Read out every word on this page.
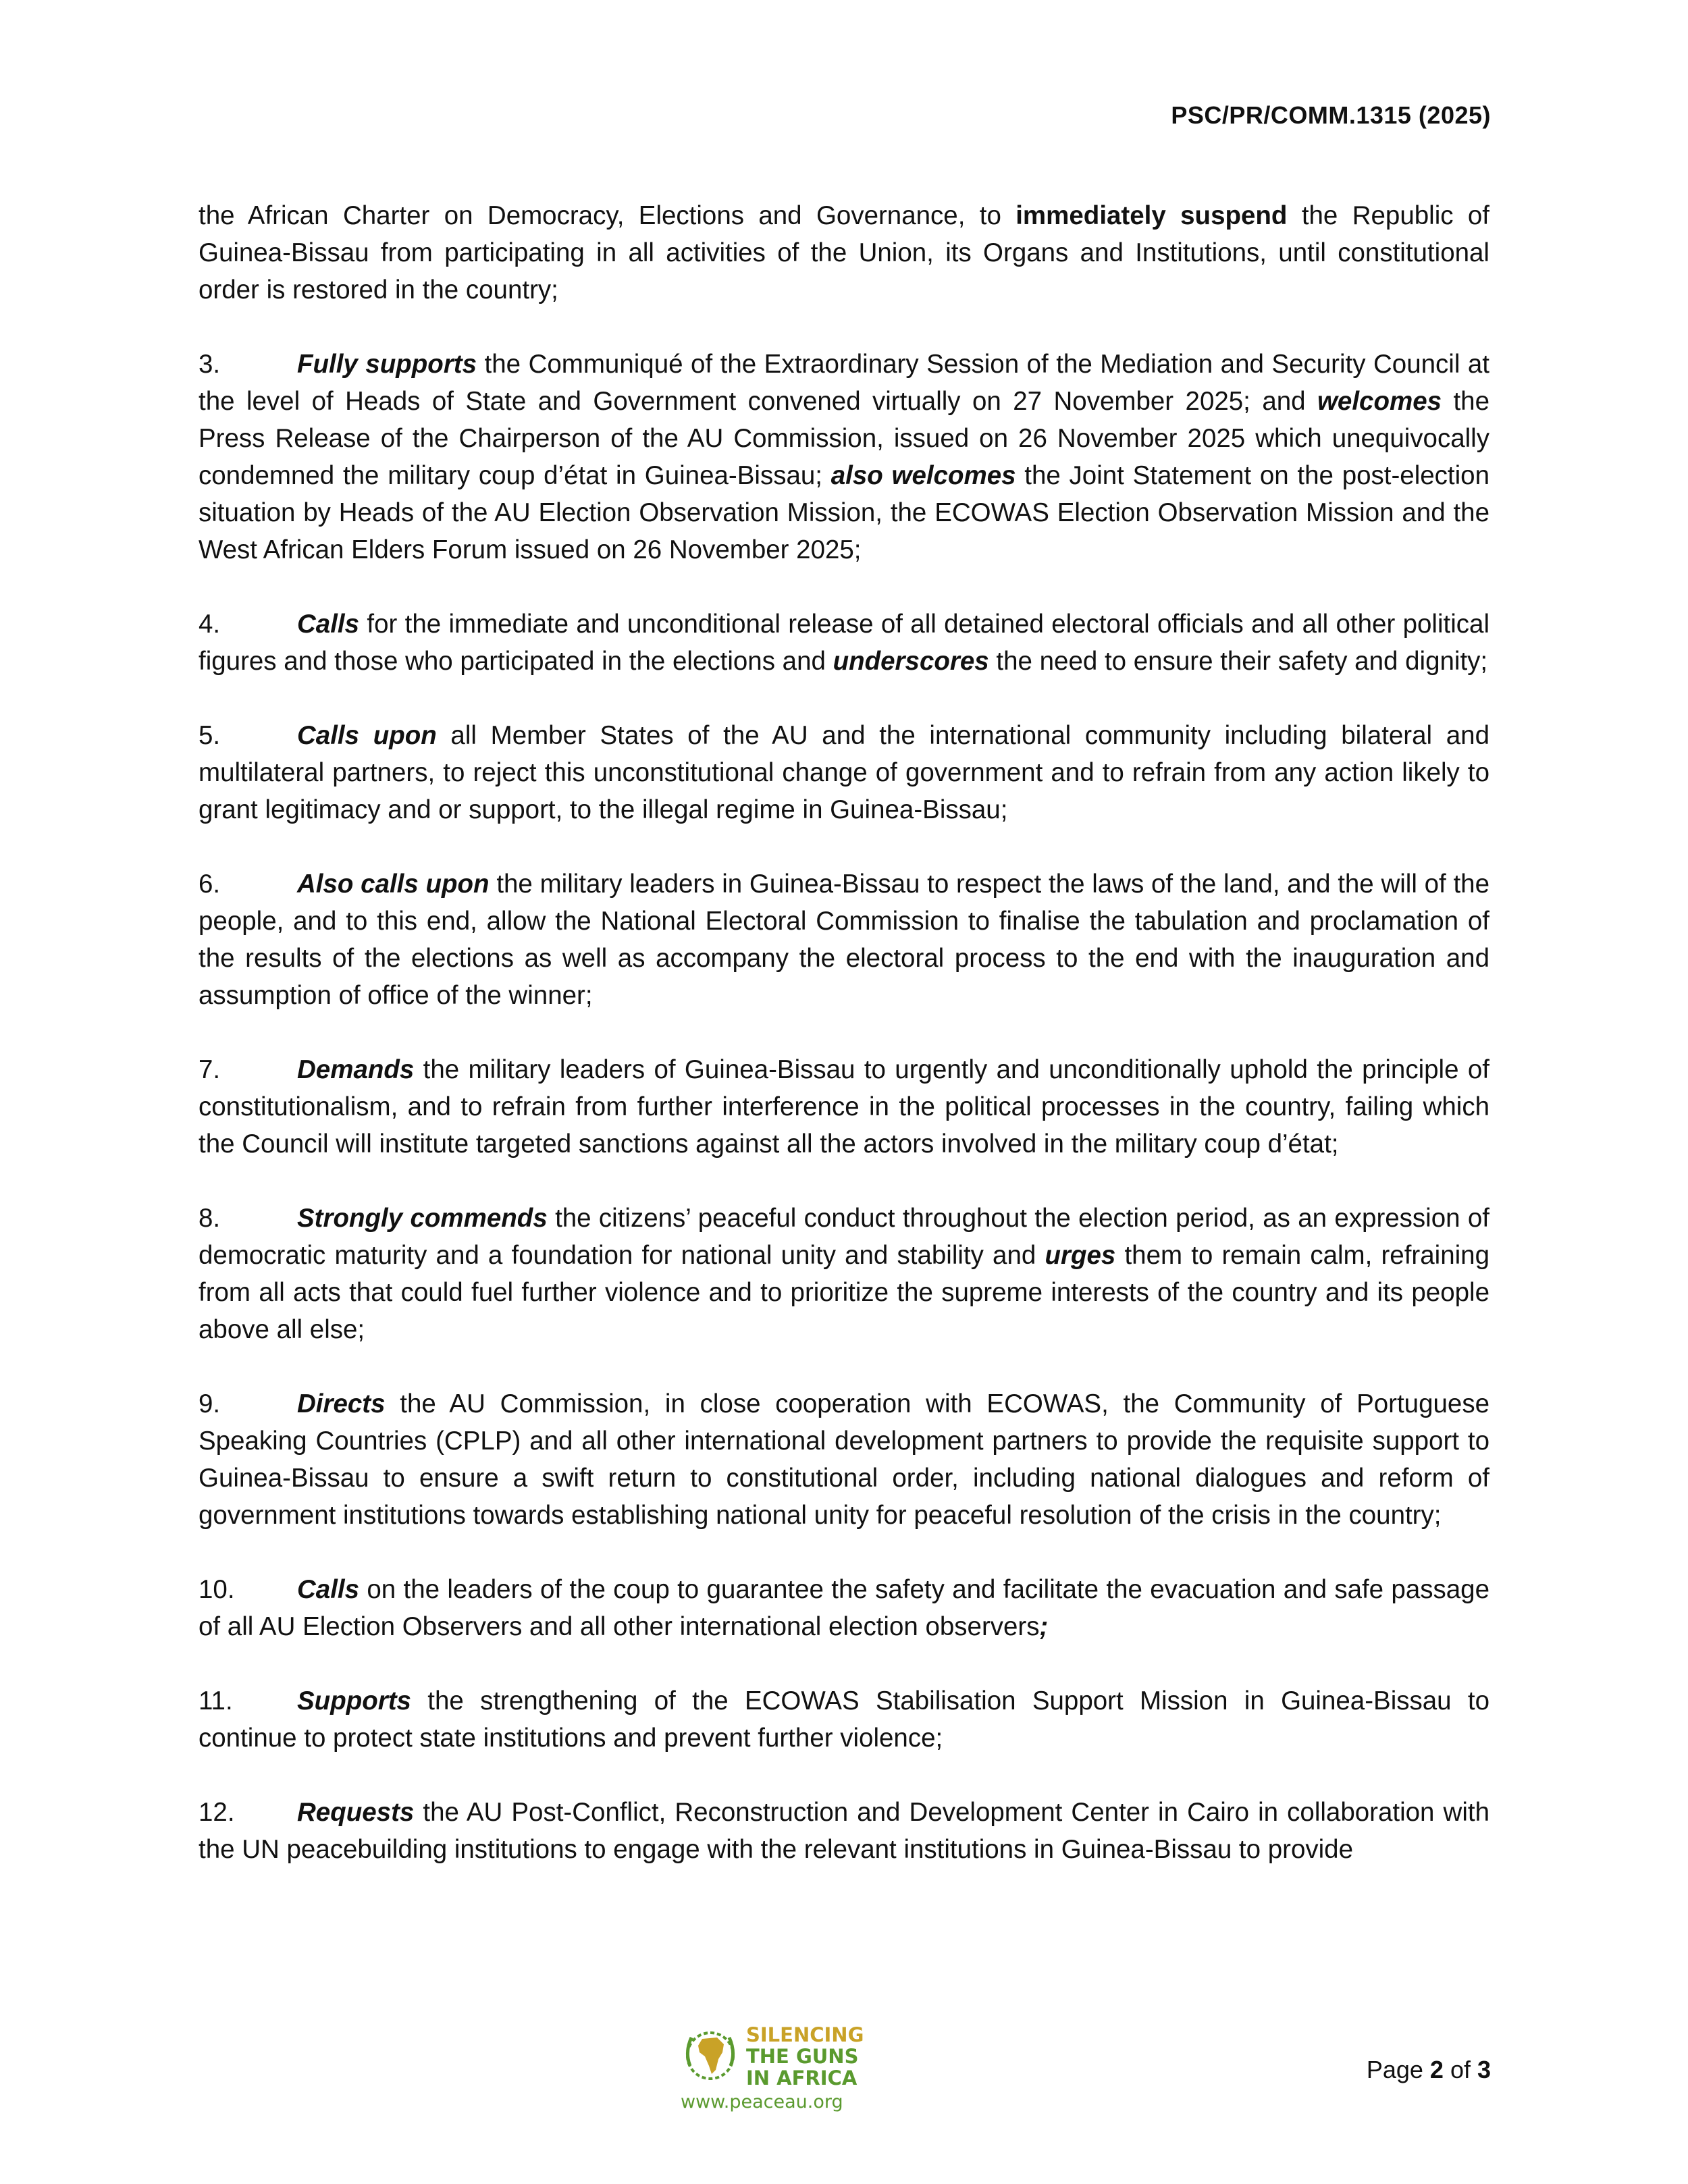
PSC/PR/COMM.1315 (2025)

the African Charter on Democracy, Elections and Governance, to immediately suspend the Republic of Guinea-Bissau from participating in all activities of the Union, its Organs and Institutions, until constitutional order is restored in the country;

3.	Fully supports the Communiqué of the Extraordinary Session of the Mediation and Security Council at the level of Heads of State and Government convened virtually on 27 November 2025; and welcomes the Press Release of the Chairperson of the AU Commission, issued on 26 November 2025 which unequivocally condemned the military coup d’état in Guinea-Bissau; also welcomes the Joint Statement on the post-election situation by Heads of the AU Election Observation Mission, the ECOWAS Election Observation Mission and the West African Elders Forum issued on 26 November 2025;

4.	Calls for the immediate and unconditional release of all detained electoral officials and all other political figures and those who participated in the elections and underscores the need to ensure their safety and dignity;

5.	Calls upon all Member States of the AU and the international community including bilateral and multilateral partners, to reject this unconstitutional change of government and to refrain from any action likely to grant legitimacy and or support, to the illegal regime in Guinea-Bissau;

6.	Also calls upon the military leaders in Guinea-Bissau to respect the laws of the land, and the will of the people, and to this end, allow the National Electoral Commission to finalise the tabulation and proclamation of the results of the elections as well as accompany the electoral process to the end with the inauguration and assumption of office of the winner;

7.	Demands the military leaders of Guinea-Bissau to urgently and unconditionally uphold the principle of constitutionalism, and to refrain from further interference in the political processes in the country, failing which the Council will institute targeted sanctions against all the actors involved in the military coup d’état;

8.	Strongly commends the citizens’ peaceful conduct throughout the election period, as an expression of democratic maturity and a foundation for national unity and stability and urges them to remain calm, refraining from all acts that could fuel further violence and to prioritize the supreme interests of the country and its people above all else;

9.	Directs the AU Commission, in close cooperation with ECOWAS, the Community of Portuguese Speaking Countries (CPLP) and all other international development partners to provide the requisite support to Guinea-Bissau to ensure a swift return to constitutional order, including national dialogues and reform of government institutions towards establishing national unity for peaceful resolution of the crisis in the country;

10. Calls on the leaders of the coup to guarantee the safety and facilitate the evacuation and safe passage of all AU Election Observers and all other international election observers;

11. Supports the strengthening of the ECOWAS Stabilisation Support Mission in Guinea-Bissau to continue to protect state institutions and prevent further violence;

12. Requests the AU Post-Conflict, Reconstruction and Development Center in Cairo in collaboration with the UN peacebuilding institutions to engage with the relevant institutions in Guinea-Bissau to provide

SILENCING
THE GUNS
IN AFRICA
www.peaceau.org
Page 2 of 3
